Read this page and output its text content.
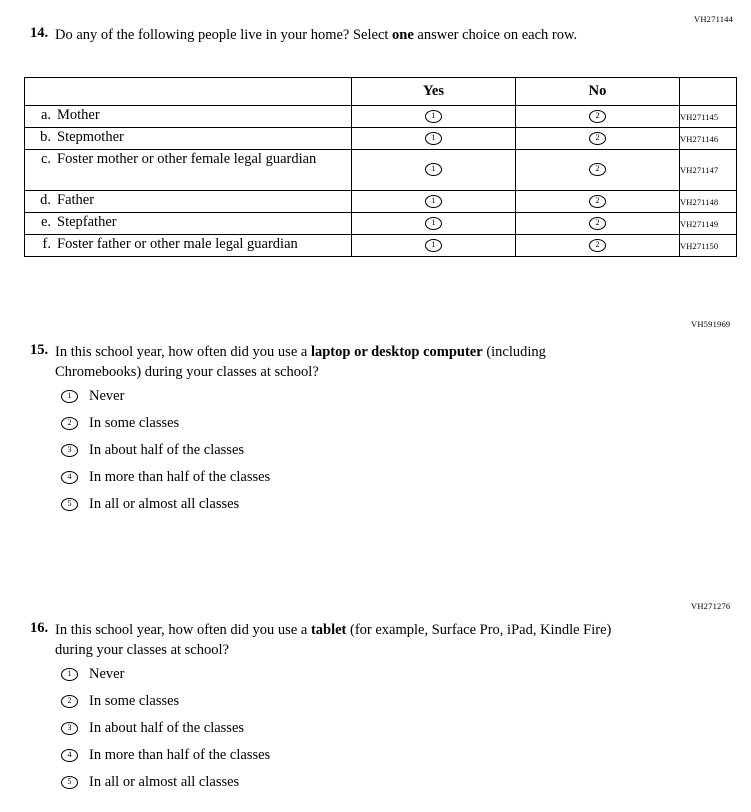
VH271144
14. Do any of the following people live in your home? Select one answer choice on each row.
	Yes	No	

a. Mother	1	2	VH271145

b. Stepmother	1	2	VH271146

c. Foster mother or other female legal guardian	1	2	VH271147

d. Father	1	2	VH271148

e. Stepfather	1	2	VH271149

f. Foster father or other male legal guardian	1	2	VH271150
VH591969
15. In this school year, how often did you use a laptop or desktop computer (including Chromebooks) during your classes at school?
1	Never
2	In some classes
3	In about half of the classes
4	In more than half of the classes
5	In all or almost all classes
VH271276
16. In this school year, how often did you use a tablet (for example, Surface Pro, iPad, Kindle Fire) during your classes at school?
1	Never
2	In some classes
3	In about half of the classes
4	In more than half of the classes
5	In all or almost all classes
